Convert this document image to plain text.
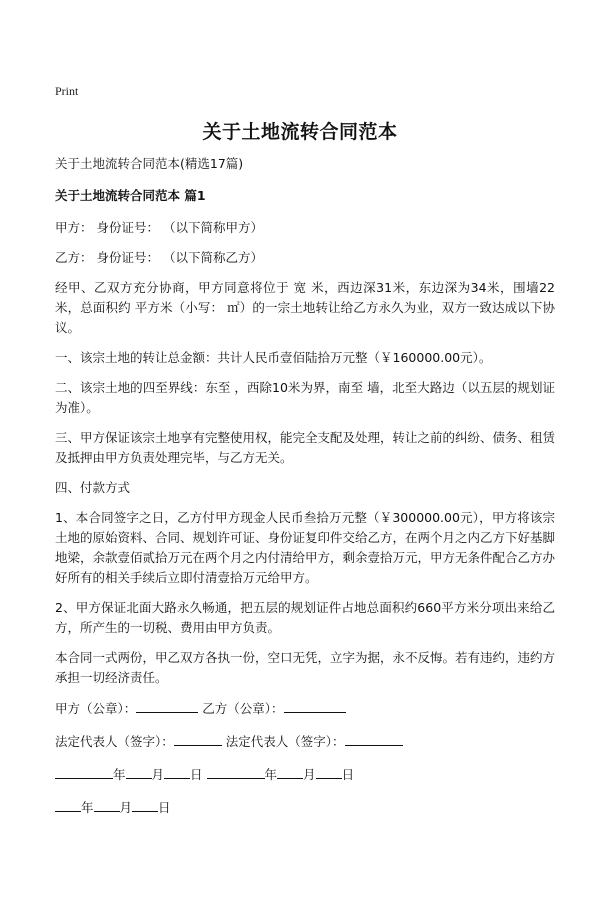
Print
关于土地流转合同范本

关于土地流转合同范本(精选17篇)

关于土地流转合同范本 篇1

甲方： 身份证号： （以下简称甲方）

乙方： 身份证号： （以下简称乙方）

经甲、乙双方充分协商，甲方同意将位于 宽 米，西边深31米，东边深为34米，围墙22米，总面积约 平方米（小写： ㎡）的一宗土地转让给乙方永久为业，双方一致达成以下协议。

一、该宗土地的转让总金额：共计人民币壹佰陆拾万元整（￥160000.00元）。

二、该宗土地的四至界线：东至 ，西除10米为界，南至 墙，北至大路边（以五层的规划证为准）。

三、甲方保证该宗土地享有完整使用权，能完全支配及处理，转让之前的纠纷、债务、租赁及抵押由甲方负责处理完毕，与乙方无关。

四、付款方式

1、本合同签字之日，乙方付甲方现金人民币叁拾万元整（￥300000.00元），甲方将该宗土地的原始资料、合同、规划许可证、身份证复印件交给乙方，在两个月之内乙方下好基脚地梁，余款壹佰贰拾万元在两个月之内付清给甲方，剩余壹拾万元，甲方无条件配合乙方办好所有的相关手续后立即付清壹拾万元给甲方。

2、甲方保证北面大路永久畅通，把五层的规划证件占地总面积约660平方米分项出来给乙方，所产生的一切税、费用由甲方负责。

本合同一式两份，甲乙双方各执一份，空口无凭，立字为据，永不反悔。若有违约，违约方承担一切经济责任。

甲方（公章）：	乙方（公章）：

法定代表人（签字）：	法定代表人（签字）：

年 月 日	年 月 日

年 月 日
